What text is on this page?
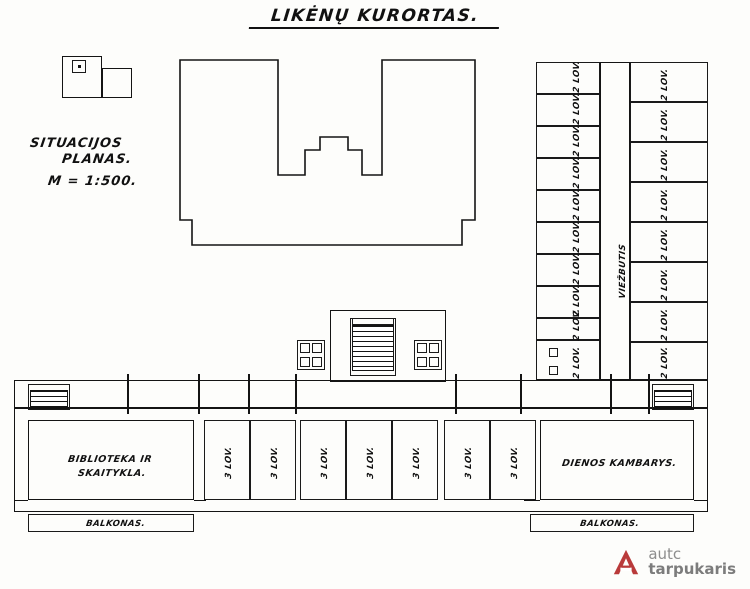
LIKĖNŲ KURORTAS.
SITUACIJOS
PLANAS.
M = 1:500.
VIEŽBUTIS
2 LOV.
2 LOV.
2 LOV.
2 LOV.
2 LOV.
2 LOV.
2 LOV.
2 LOV.
2 LOV.
2 LOV.
2 LOV.
2 LOV.
2 LOV.
2 LOV.
2 LOV.
2 LOV.
2 LOV.
2 LOV.
BIBLIOTEKA IR
SKAITYKLA.	3 LOV.	3 LOV.	3 LOV.	3 LOV.	3 LOV.	3 LOV.	3 LOV.	DIENOS KAMBARYS.
BALKONAS.	BALKONAS.
autc
tarpukaris
